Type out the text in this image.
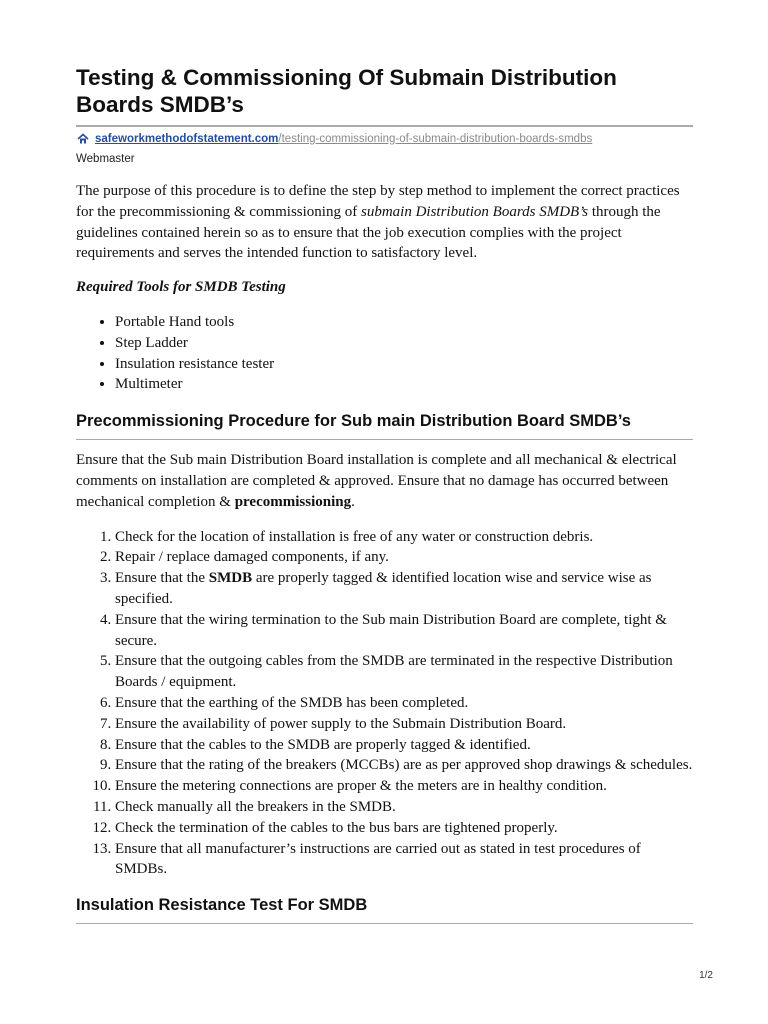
Testing & Commissioning Of Submain Distribution Boards SMDB’s
safeworkmethodofstatement.com /testing-commissioning-of-submain-distribution-boards-smdbs
Webmaster

The purpose of this procedure is to define the step by step method to implement the correct practices for the precommissioning & commissioning of submain Distribution Boards SMDB’s through the guidelines contained herein so as to ensure that the job execution complies with the project requirements and serves the intended function to satisfactory level.

Required Tools for SMDB Testing

• Portable Hand tools
• Step Ladder
• Insulation resistance tester
• Multimeter
Precommissioning Procedure for Sub main Distribution Board SMDB’s

Ensure that the Sub main Distribution Board installation is complete and all mechanical & electrical comments on installation are completed & approved. Ensure that no damage has occurred between mechanical completion & precommissioning.

1. Check for the location of installation is free of any water or construction debris.
2. Repair / replace damaged components, if any.
3. Ensure that the SMDB are properly tagged & identified location wise and service wise as specified.
4. Ensure that the wiring termination to the Sub main Distribution Board are complete, tight & secure.
5. Ensure that the outgoing cables from the SMDB are terminated in the respective Distribution Boards / equipment.
6. Ensure that the earthing of the SMDB has been completed.
7. Ensure the availability of power supply to the Submain Distribution Board.
8. Ensure that the cables to the SMDB are properly tagged & identified.
9. Ensure that the rating of the breakers (MCCBs) are as per approved shop drawings & schedules.
10. Ensure the metering connections are proper & the meters are in healthy condition.
11. Check manually all the breakers in the SMDB.
12. Check the termination of the cables to the bus bars are tightened properly.
13. Ensure that all manufacturer’s instructions are carried out as stated in test procedures of SMDBs.
Insulation Resistance Test For SMDB
1/2
